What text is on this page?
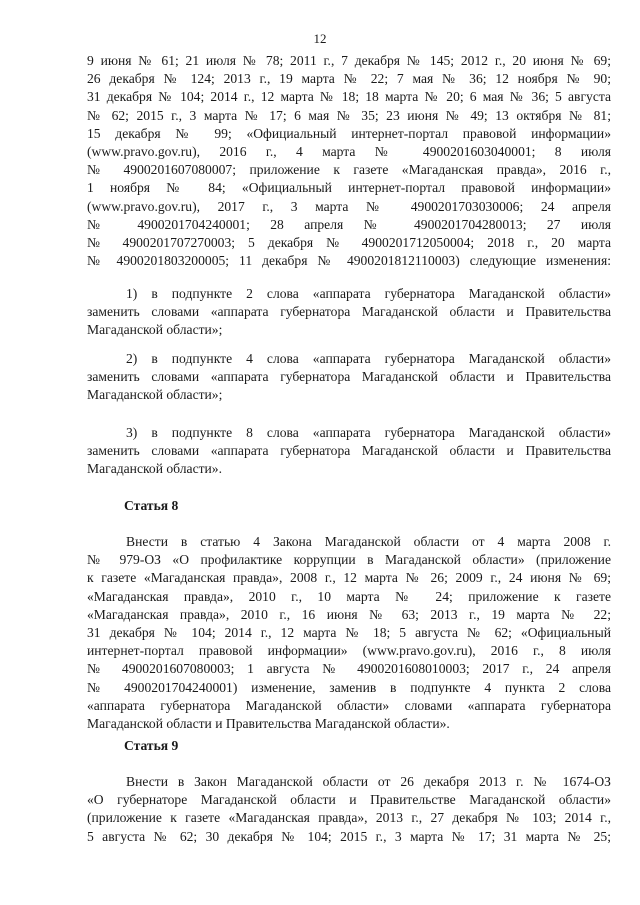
12
9 июня № 61; 21 июля № 78; 2011 г., 7 декабря № 145; 2012 г., 20 июня № 69;
26 декабря № 124; 2013 г., 19 марта № 22; 7 мая № 36; 12 ноября № 90;
31 декабря № 104; 2014 г., 12 марта № 18; 18 марта № 20; 6 мая № 36; 5 августа
№ 62; 2015 г., 3 марта № 17; 6 мая № 35; 23 июня № 49; 13 октября № 81;
15 декабря № 99; «Официальный интернет-портал правовой информации»
(www.pravo.gov.ru), 2016 г., 4 марта № 4900201603040001; 8 июля
№ 4900201607080007; приложение к газете «Магаданская правда», 2016 г.,
1 ноября № 84; «Официальный интернет-портал правовой информации»
(www.pravo.gov.ru), 2017 г., 3 марта № 4900201703030006; 24 апреля
№ 4900201704240001; 28 апреля № 4900201704280013; 27 июля
№ 4900201707270003; 5 декабря № 4900201712050004; 2018 г., 20 марта
№ 4900201803200005; 11 декабря № 4900201812110003) следующие изменения:
1) в подпункте 2 слова «аппарата губернатора Магаданской области»
заменить словами «аппарата губернатора Магаданской области и Правительства
Магаданской области»;
2) в подпункте 4 слова «аппарата губернатора Магаданской области»
заменить словами «аппарата губернатора Магаданской области и Правительства
Магаданской области»;
3) в подпункте 8 слова «аппарата губернатора Магаданской области»
заменить словами «аппарата губернатора Магаданской области и Правительства
Магаданской области».
Статья 8
Внести в статью 4 Закона Магаданской области от 4 марта 2008 г.
№ 979-ОЗ «О профилактике коррупции в Магаданской области» (приложение
к газете «Магаданская правда», 2008 г., 12 марта № 26; 2009 г., 24 июня № 69;
«Магаданская правда», 2010 г., 10 марта № 24; приложение к газете
«Магаданская правда», 2010 г., 16 июня № 63; 2013 г., 19 марта № 22;
31 декабря № 104; 2014 г., 12 марта № 18; 5 августа № 62; «Официальный
интернет-портал правовой информации» (www.pravo.gov.ru), 2016 г., 8 июля
№ 4900201607080003; 1 августа № 4900201608010003; 2017 г., 24 апреля
№ 4900201704240001) изменение, заменив в подпункте 4 пункта 2 слова
«аппарата губернатора Магаданской области» словами «аппарата губернатора
Магаданской области и Правительства Магаданской области».
Статья 9
Внести в Закон Магаданской области от 26 декабря 2013 г. № 1674-ОЗ
«О губернаторе Магаданской области и Правительстве Магаданской области»
(приложение к газете «Магаданская правда», 2013 г., 27 декабря № 103; 2014 г.,
5 августа № 62; 30 декабря № 104; 2015 г., 3 марта № 17; 31 марта № 25;
